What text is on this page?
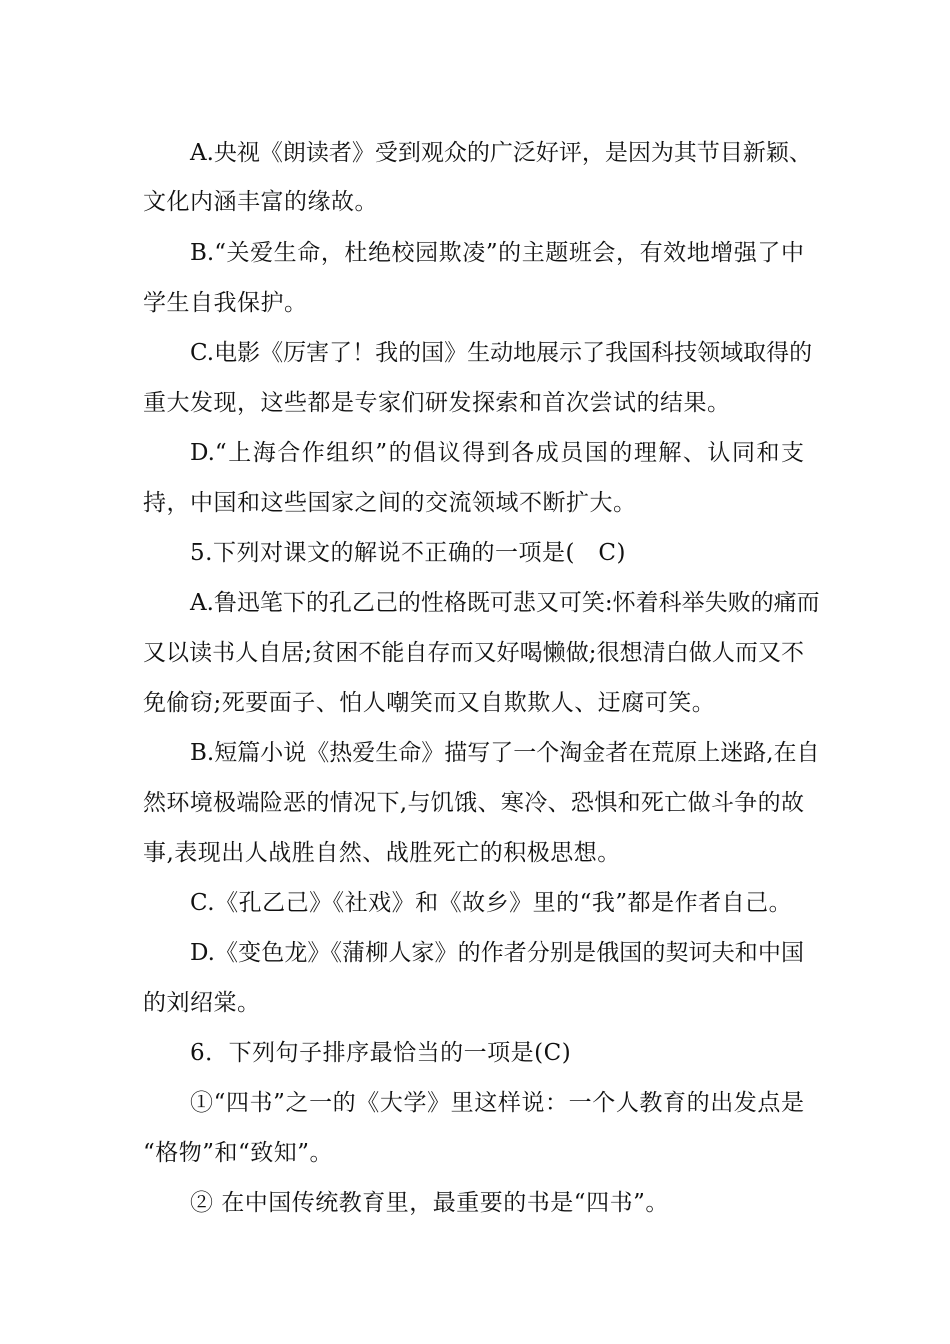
A.央视《朗读者》受到观众的广泛好评，是因为其节目新颖、
文化内涵丰富的缘故。
B.“关爱生命，杜绝校园欺凌”的主题班会，有效地增强了中
学生自我保护。
C.电影《厉害了！我的国》生动地展示了我国科技领域取得的
重大发现，这些都是专家们研发探索和首次尝试的结果。
D.“上海合作组织”的倡议得到各成员国的理解、认同和支
持，中国和这些国家之间的交流领域不断扩大。
5.下列对课文的解说不正确的一项是(　C)
A.鲁迅笔下的孔乙己的性格既可悲又可笑:怀着科举失败的痛而
又以读书人自居;贫困不能自存而又好喝懒做;很想清白做人而又不
免偷窃;死要面子、怕人嘲笑而又自欺欺人、迂腐可笑。
B.短篇小说《热爱生命》描写了一个淘金者在荒原上迷路,在自
然环境极端险恶的情况下,与饥饿、寒冷、恐惧和死亡做斗争的故
事,表现出人战胜自然、战胜死亡的积极思想。
C.《孔乙己》《社戏》和《故乡》里的“我”都是作者自己。
D.《变色龙》《蒲柳人家》的作者分别是俄国的契诃夫和中国
的刘绍棠。
6．下列句子排序最恰当的一项是(C)
①“四书”之一的《大学》里这样说：一个人教育的出发点是
“格物”和“致知”。
② 在中国传统教育里，最重要的书是“四书”。
